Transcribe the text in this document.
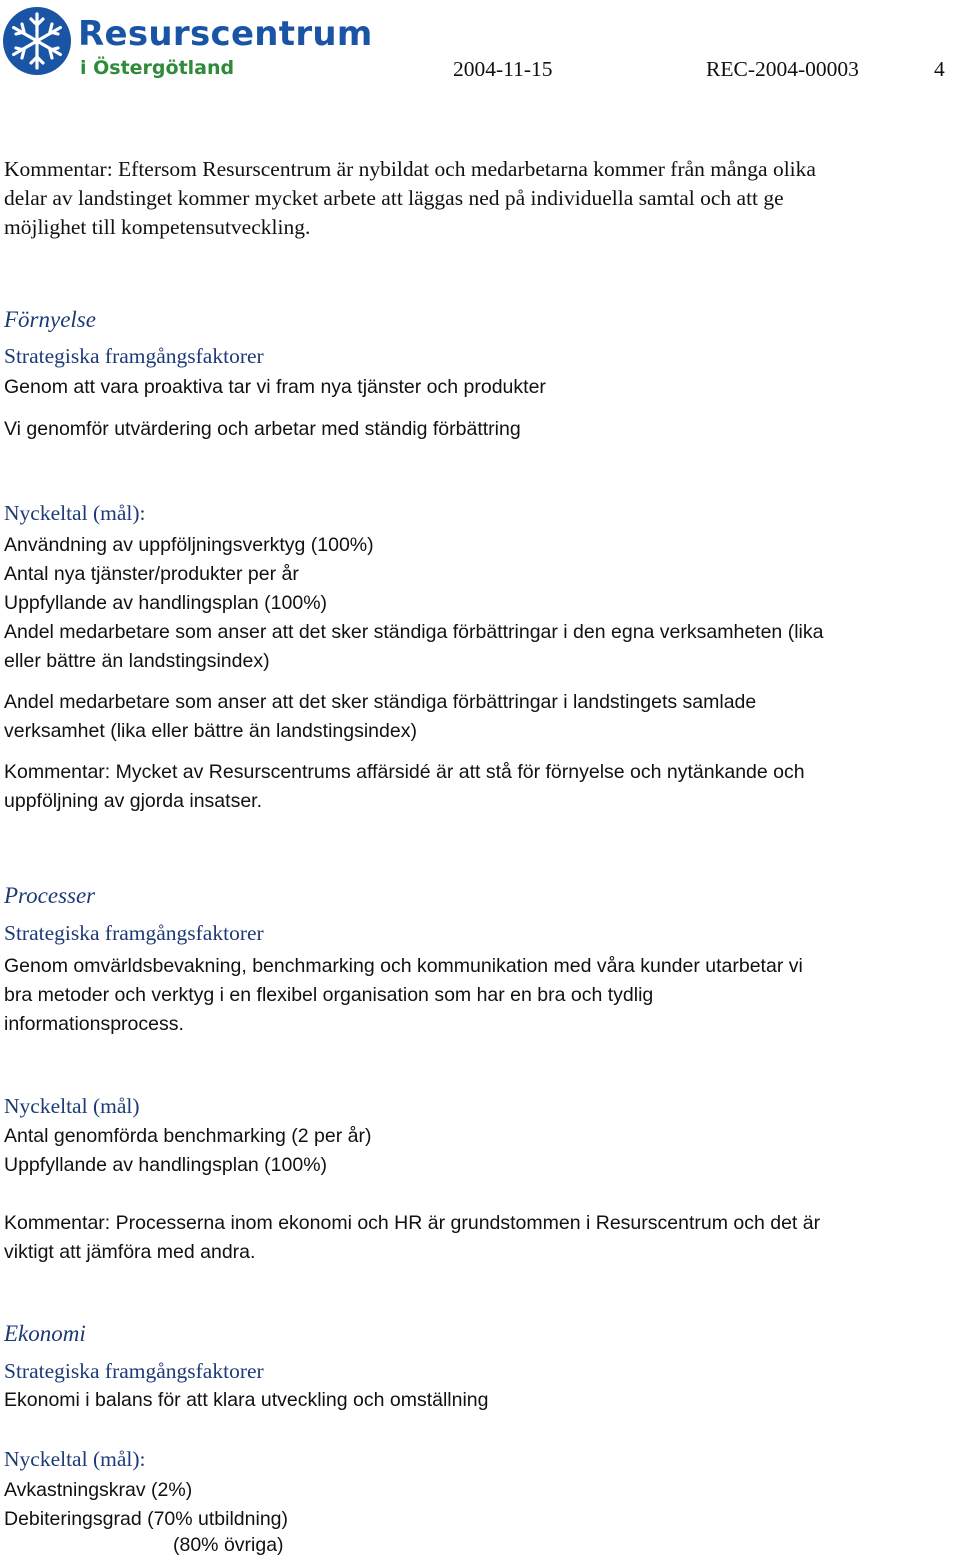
Resurscentrum
i Östergötland	2004-11-15	REC-2004-00003	4
Kommentar: Eftersom Resurscentrum är nybildat och medarbetarna kommer från många olika
delar av landstinget kommer mycket arbete att läggas ned på individuella samtal och att ge
möjlighet till kompetensutveckling.
Förnyelse
Strategiska framgångsfaktorer
Genom att vara proaktiva tar vi fram nya tjänster och produkter
Vi genomför utvärdering och arbetar med ständig förbättring
Nyckeltal (mål):
Användning av uppföljningsverktyg (100%)
Antal nya tjänster/produkter per år
Uppfyllande av handlingsplan (100%)
Andel medarbetare som anser att det sker ständiga förbättringar i den egna verksamheten (lika
eller bättre än landstingsindex)
Andel medarbetare som anser att det sker ständiga förbättringar i landstingets samlade
verksamhet (lika eller bättre än landstingsindex)
Kommentar: Mycket av Resurscentrums affärsidé är att stå för förnyelse och nytänkande och
uppföljning av gjorda insatser.
Processer
Strategiska framgångsfaktorer
Genom omvärldsbevakning, benchmarking och kommunikation med våra kunder utarbetar vi
bra metoder och verktyg i en flexibel organisation som har en bra och tydlig
informationsprocess.
Nyckeltal (mål)
Antal genomförda benchmarking (2 per år)
Uppfyllande av handlingsplan (100%)
Kommentar: Processerna inom ekonomi och HR är grundstommen i Resurscentrum och det är
viktigt att jämföra med andra.
Ekonomi
Strategiska framgångsfaktorer
Ekonomi i balans för att klara utveckling och omställning
Nyckeltal (mål):
Avkastningskrav (2%)
Debiteringsgrad (70% utbildning)
(80% övriga)
